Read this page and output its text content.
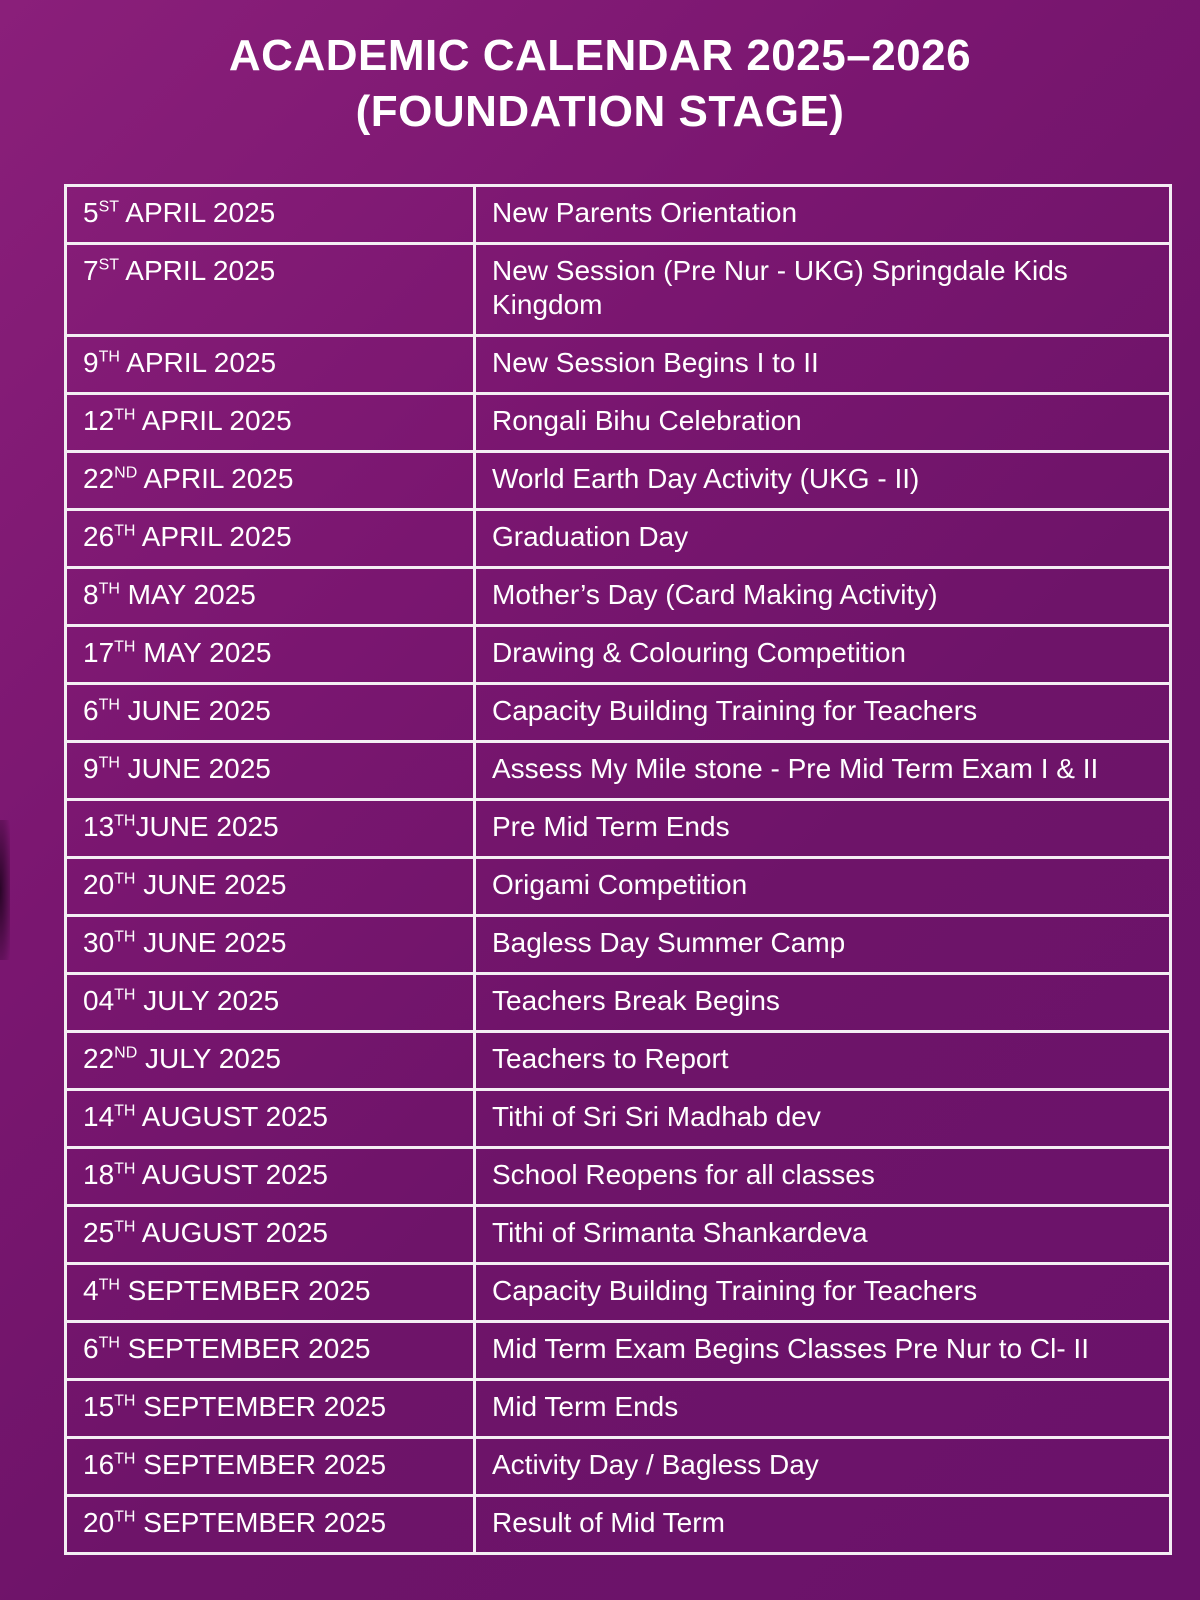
ACADEMIC CALENDAR 2025–2026
(FOUNDATION STAGE)
5ST APRIL 2025	New Parents Orientation
7ST APRIL 2025	New Session (Pre Nur - UKG) Springdale Kids Kingdom
9TH APRIL 2025	New Session Begins I to II
12TH APRIL 2025	Rongali Bihu Celebration
22ND APRIL 2025	World Earth Day Activity (UKG - II)
26TH APRIL 2025	Graduation Day
8TH MAY 2025	Mother’s Day (Card Making Activity)
17TH MAY 2025	Drawing & Colouring Competition
6TH JUNE 2025	Capacity Building Training for Teachers
9TH JUNE 2025	Assess My Mile stone - Pre Mid Term Exam I & II
13THJUNE 2025	Pre Mid Term Ends
20TH JUNE 2025	Origami Competition
30TH JUNE 2025	Bagless Day Summer Camp
04TH JULY 2025	Teachers Break Begins
22ND JULY 2025	Teachers to Report
14TH AUGUST 2025	Tithi of Sri Sri Madhab dev
18TH AUGUST 2025	School Reopens for all classes
25TH AUGUST 2025	Tithi of Srimanta Shankardeva
4TH SEPTEMBER 2025	Capacity Building Training for Teachers
6TH SEPTEMBER 2025	Mid Term Exam Begins Classes Pre Nur to Cl- II
15TH SEPTEMBER 2025	Mid Term Ends
16TH SEPTEMBER 2025	Activity Day / Bagless Day
20TH SEPTEMBER 2025	Result of Mid Term
